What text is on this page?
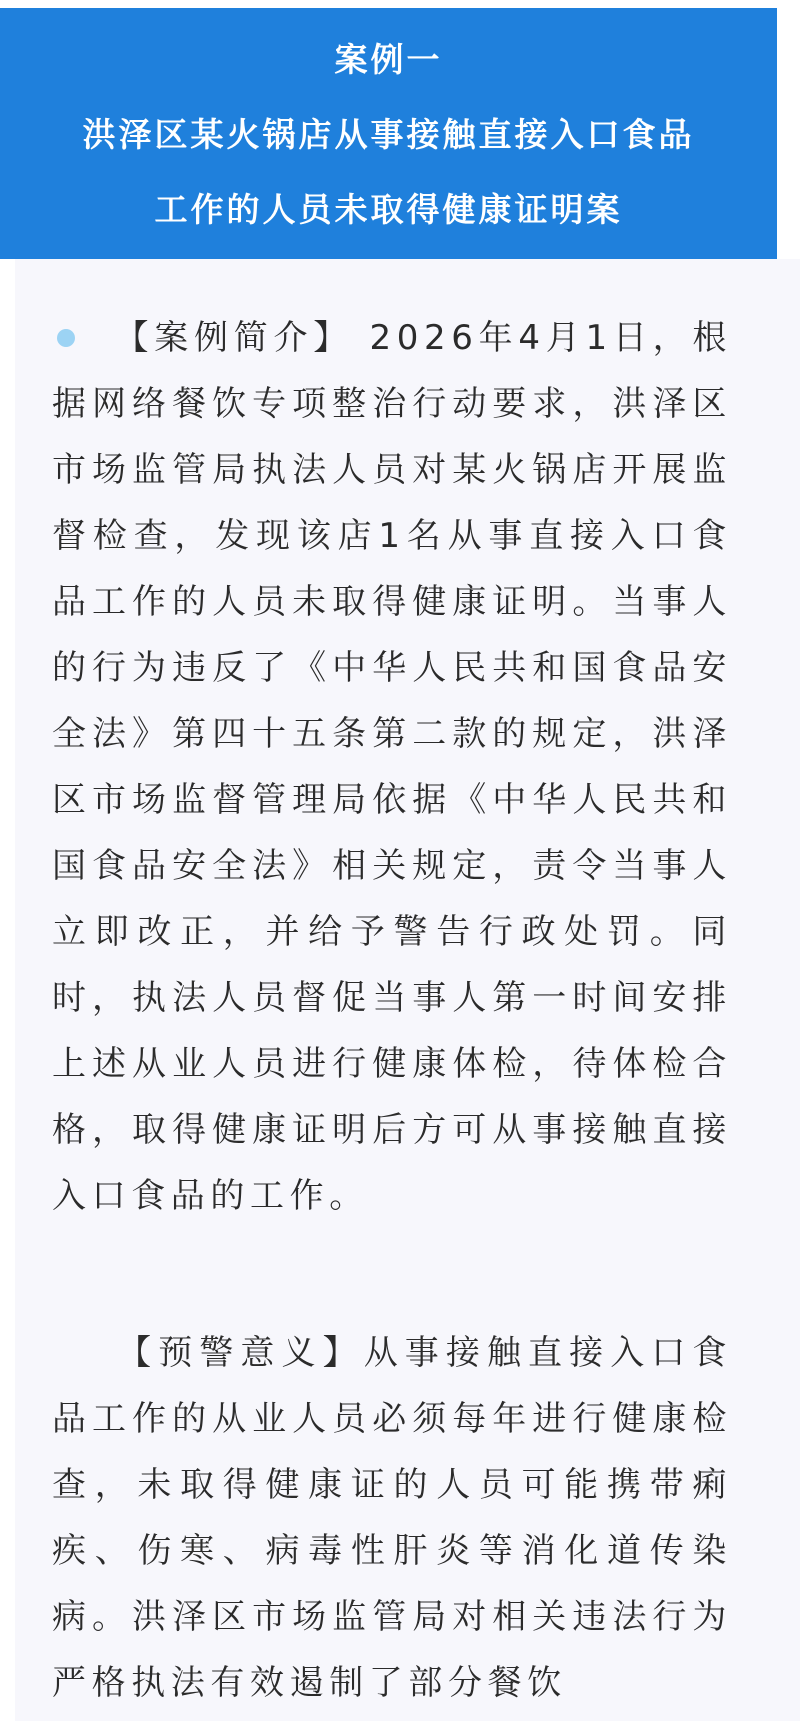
案例一
洪泽区某火锅店从事接触直接入口食品
工作的人员未取得健康证明案
　　【案例简介】 2026年4月1日，根据网络餐饮专项整治行动要求，洪泽区市场监管局执法人员对某火锅店开展监督检查，发现该店1名从事直接入口食品工作的人员未取得健康证明。当事人的行为违反了《中华人民共和国食品安全法》第四十五条第二款的规定，洪泽区市场监督管理局依据《中华人民共和国食品安全法》相关规定，责令当事人立即改正，并给予警告行政处罚。同时，执法人员督促当事人第一时间安排上述从业人员进行健康体检，待体检合格，取得健康证明后方可从事接触直接入口食品的工作。
　　【预警意义】从事接触直接入口食品工作的从业人员必须每年进行健康检查，未取得健康证的人员可能携带痢疾、伤寒、病毒性肝炎等消化道传染病。洪泽区市场监管局对相关违法行为严格执法有效遏制了部分餐饮
